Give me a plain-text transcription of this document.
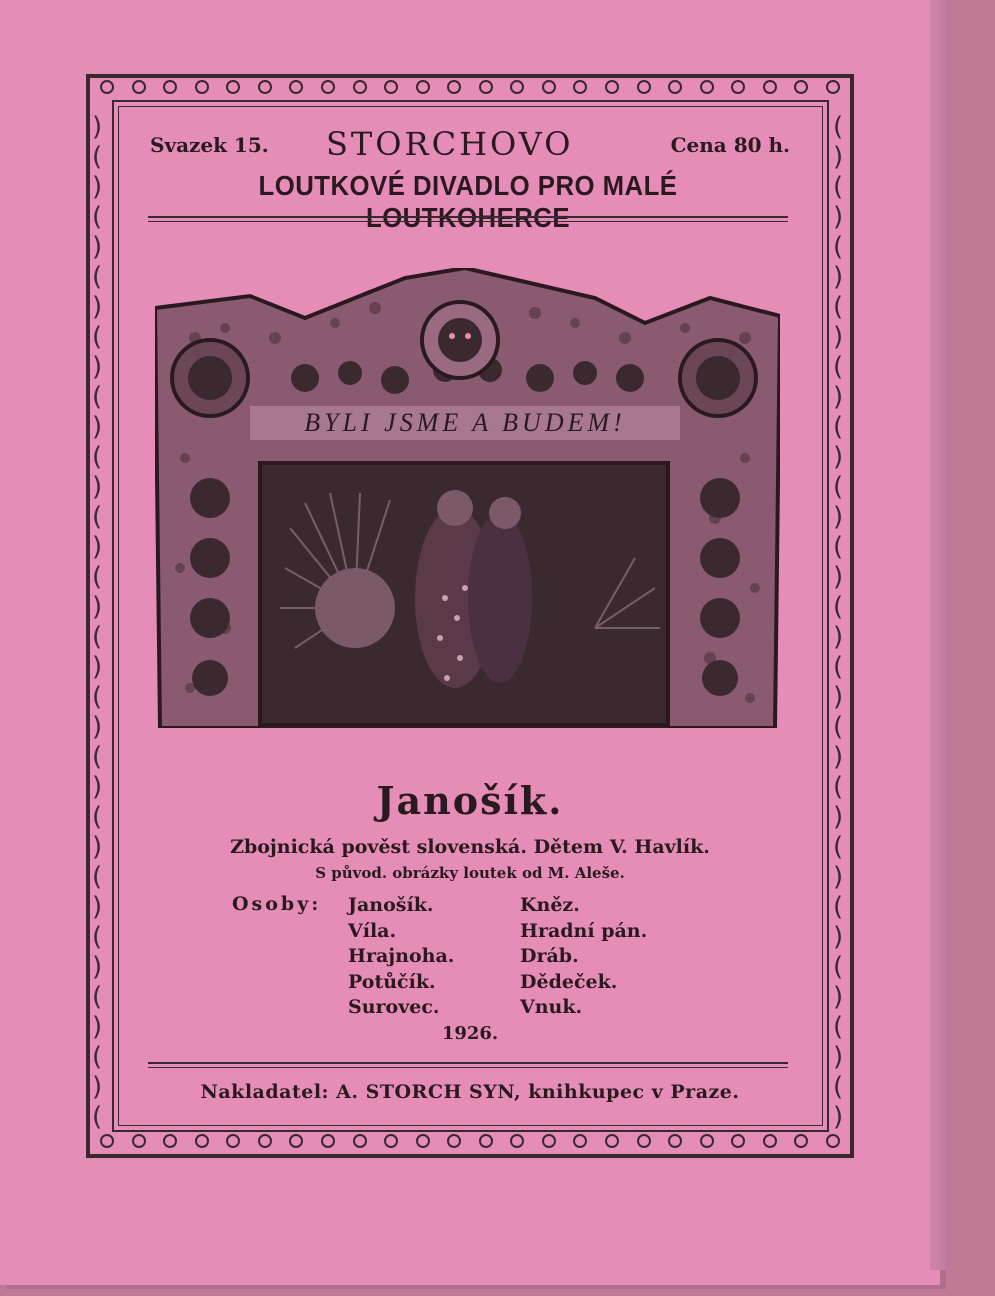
)
(
)
(
)
(
)
(
)
(
)
(
)
(
)
(
)
(
)
(
)
(
)
(
)
(
)
(
)
(
)
(
)
(
(
)
(
)
(
)
(
)
(
)
(
)
(
)
(
)
(
)
(
)
(
)
(
)
(
)
(
)
(
)
(
)
(
)
Svazek 15. STORCHOVO	Cena 80 h.
LOUTKOVÉ DIVADLO PRO MALÉ LOUTKOHERCE
BYLI JSME A BUDEM!
Janošík.
Zbojnická pověst slovenská. Dětem V. Havlík.
S původ. obrázky loutek od M. Aleše.
Osoby: Janošík.
Víla.
Hrajnoha.
Potůčík.
Surovec.
Kněz.
Hradní pán.
Dráb.
Dědeček.
Vnuk.
1926.
Nakladatel: A. STORCH SYN, knihkupec v Praze.
